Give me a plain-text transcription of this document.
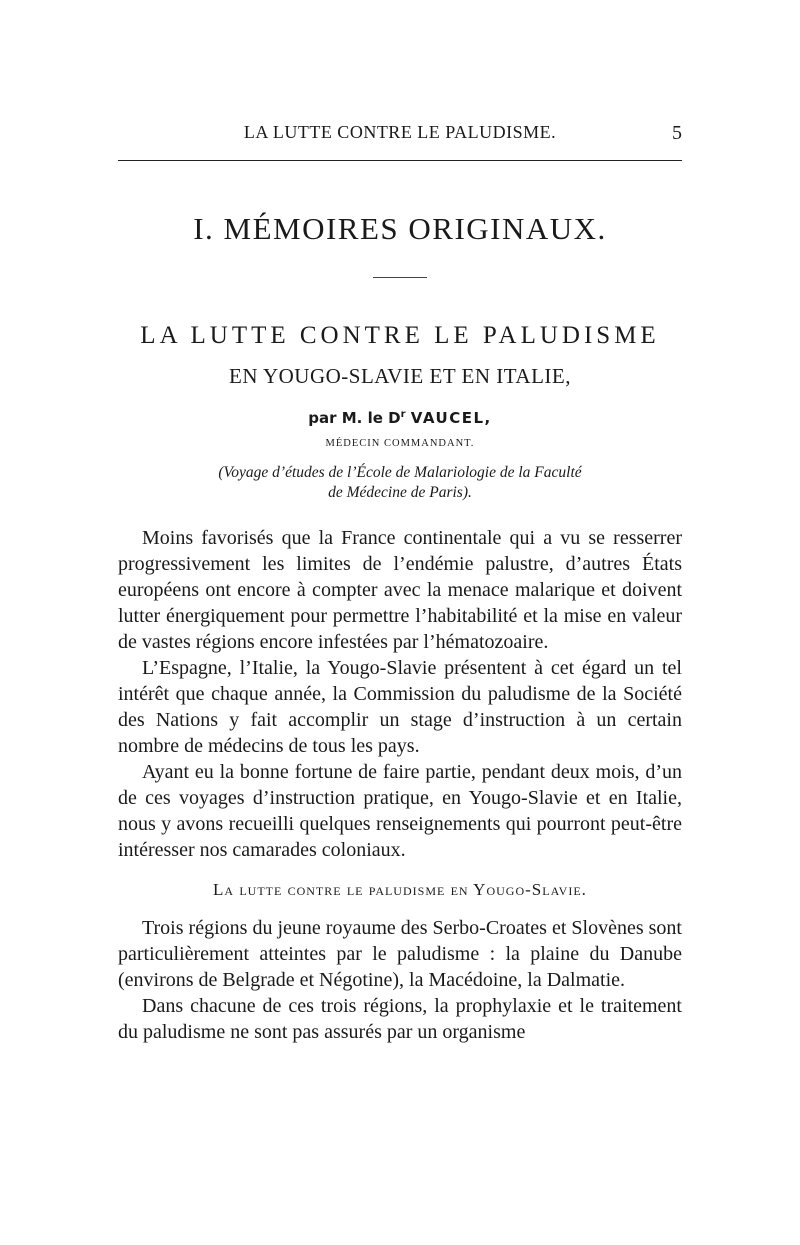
LA LUTTE CONTRE LE PALUDISME.	5
I. MÉMOIRES ORIGINAUX.
LA LUTTE CONTRE LE PALUDISME
EN YOUGO-SLAVIE ET EN ITALIE,
par M. le $D^r$ VAUCEL,
MÉDECIN COMMANDANT.
(Voyage d’études de l’École de Malariologie de la Faculté
de Médecine de Paris).

Moins favorisés que la France continentale qui a vu se resserrer progressivement les limites de l’endémie palustre, d’autres États européens ont encore à compter avec la menace malarique et doivent lutter énergiquement pour permettre l’habitabilité et la mise en valeur de vastes régions encore infestées par l’hématozoaire.

L’Espagne, l’Italie, la Yougo-Slavie présentent à cet égard un tel intérêt que chaque année, la Commission du paludisme de la Société des Nations y fait accomplir un stage d’instruction à un certain nombre de médecins de tous les pays.

Ayant eu la bonne fortune de faire partie, pendant deux mois, d’un de ces voyages d’instruction pratique, en Yougo-Slavie et en Italie, nous y avons recueilli quelques renseignements qui pourront peut-être intéresser nos camarades coloniaux.

La lutte contre le paludisme en Yougo-Slavie.

Trois régions du jeune royaume des Serbo-Croates et Slovènes sont particulièrement atteintes par le paludisme : la plaine du Danube (environs de Belgrade et Négotine), la Macédoine, la Dalmatie.

Dans chacune de ces trois régions, la prophylaxie et le traitement du paludisme ne sont pas assurés par un organisme
